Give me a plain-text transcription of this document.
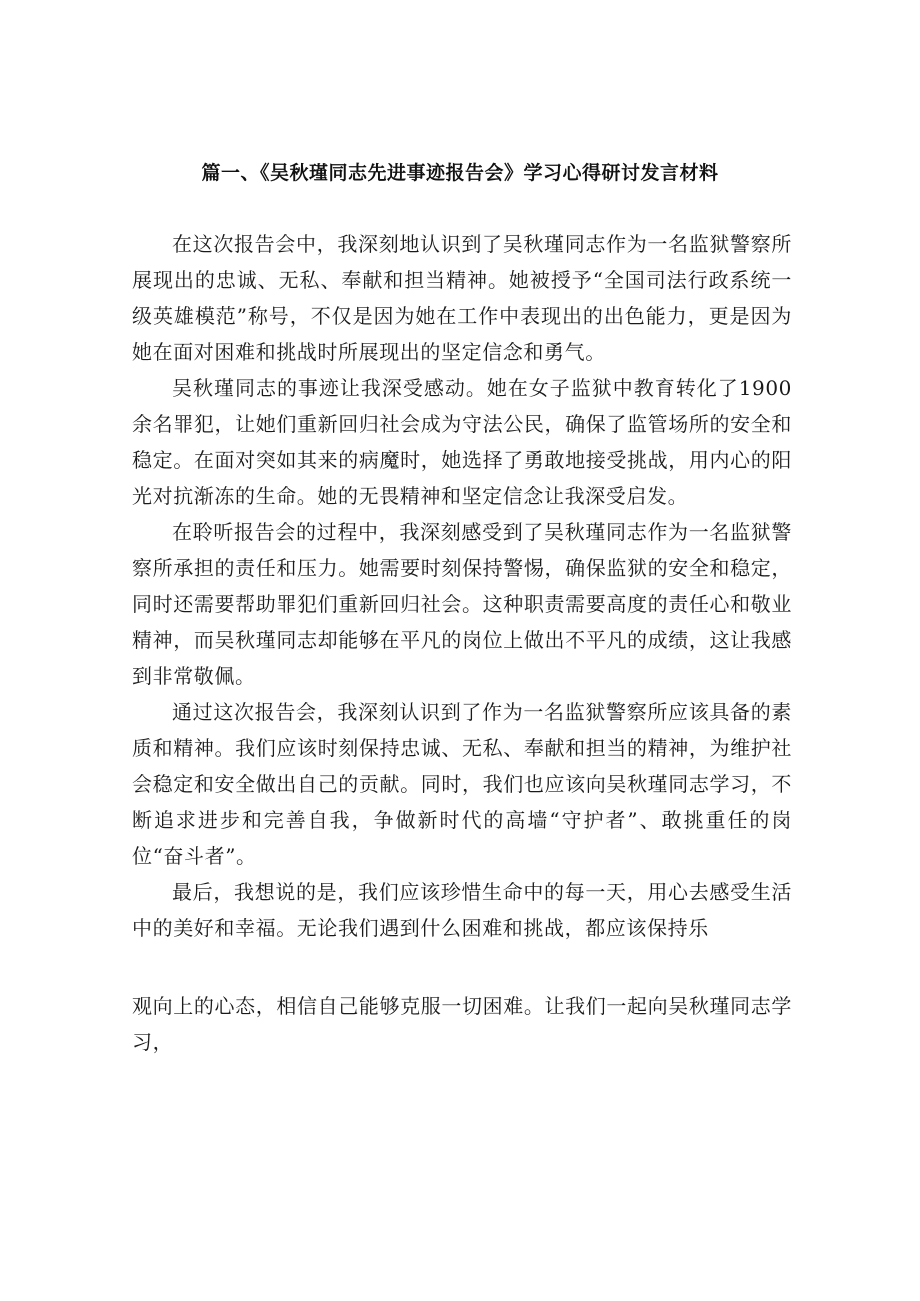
篇一、《吴秋瑾同志先进事迹报告会》学习心得研讨发言材料

在这次报告会中，我深刻地认识到了吴秋瑾同志作为一名监狱警察所展现出的忠诚、无私、奉献和担当精神。她被授予“全国司法行政系统一级英雄模范”称号，不仅是因为她在工作中表现出的出色能力，更是因为她在面对困难和挑战时所展现出的坚定信念和勇气。

吴秋瑾同志的事迹让我深受感动。她在女子监狱中教育转化了1900余名罪犯，让她们重新回归社会成为守法公民，确保了监管场所的安全和稳定。在面对突如其来的病魔时，她选择了勇敢地接受挑战，用内心的阳光对抗渐冻的生命。她的无畏精神和坚定信念让我深受启发。

在聆听报告会的过程中，我深刻感受到了吴秋瑾同志作为一名监狱警察所承担的责任和压力。她需要时刻保持警惕，确保监狱的安全和稳定，同时还需要帮助罪犯们重新回归社会。这种职责需要高度的责任心和敬业精神，而吴秋瑾同志却能够在平凡的岗位上做出不平凡的成绩，这让我感到非常敬佩。

通过这次报告会，我深刻认识到了作为一名监狱警察所应该具备的素质和精神。我们应该时刻保持忠诚、无私、奉献和担当的精神，为维护社会稳定和安全做出自己的贡献。同时，我们也应该向吴秋瑾同志学习，不断追求进步和完善自我，争做新时代的高墙“守护者”、敢挑重任的岗位“奋斗者”。

最后，我想说的是，我们应该珍惜生命中的每一天，用心去感受生活中的美好和幸福。无论我们遇到什么困难和挑战，都应该保持乐

观向上的心态，相信自己能够克服一切困难。让我们一起向吴秋瑾同志学习，
